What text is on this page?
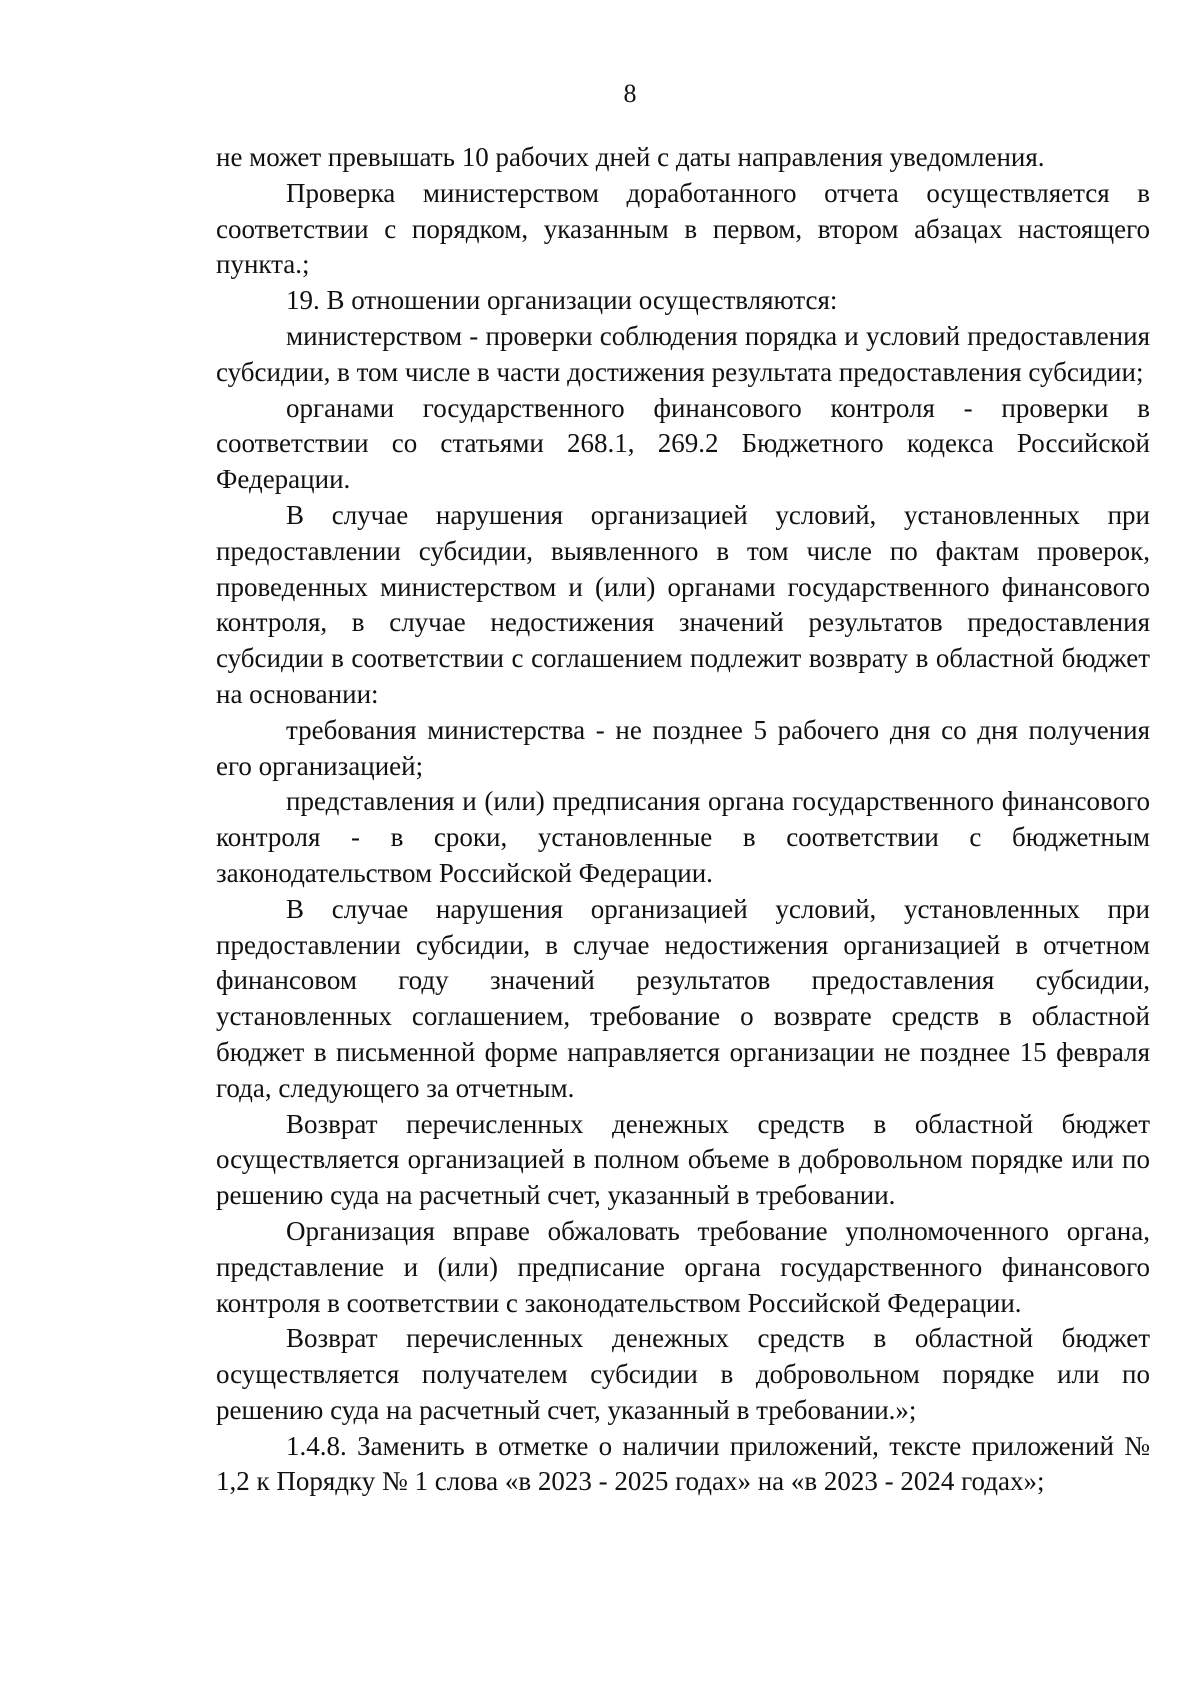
8

не может превышать 10 рабочих дней с даты направления уведомления.

Проверка министерством доработанного отчета осуществляется в соответствии с порядком, указанным в первом, втором абзацах настоящего пункта.;

19. В отношении организации осуществляются:

министерством - проверки соблюдения порядка и условий предоставления субсидии, в том числе в части достижения результата предоставления субсидии;

органами государственного финансового контроля - проверки в соответствии со статьями 268.1, 269.2 Бюджетного кодекса Российской Федерации.

В случае нарушения организацией условий, установленных при предоставлении субсидии, выявленного в том числе по фактам проверок, проведенных министерством и (или) органами государственного финансового контроля, в случае недостижения значений результатов предоставления субсидии в соответствии с соглашением подлежит возврату в областной бюджет на основании:

требования министерства - не позднее 5 рабочего дня со дня получения его организацией;

представления и (или) предписания органа государственного финансового контроля - в сроки, установленные в соответствии с бюджетным законодательством Российской Федерации.

В случае нарушения организацией условий, установленных при предоставлении субсидии, в случае недостижения организацией в отчетном финансовом году значений результатов предоставления субсидии, установленных соглашением, требование о возврате средств в областной бюджет в письменной форме направляется организации не позднее 15 февраля года, следующего за отчетным.

Возврат перечисленных денежных средств в областной бюджет осуществляется организацией в полном объеме в добровольном порядке или по решению суда на расчетный счет, указанный в требовании.

Организация вправе обжаловать требование уполномоченного органа, представление и (или) предписание органа государственного финансового контроля в соответствии с законодательством Российской Федерации.

Возврат перечисленных денежных средств в областной бюджет осуществляется получателем субсидии в добровольном порядке или по решению суда на расчетный счет, указанный в требовании.»;

1.4.8. Заменить в отметке о наличии приложений, тексте приложений № 1,2 к Порядку № 1 слова «в 2023 - 2025 годах» на «в 2023 - 2024 годах»;
